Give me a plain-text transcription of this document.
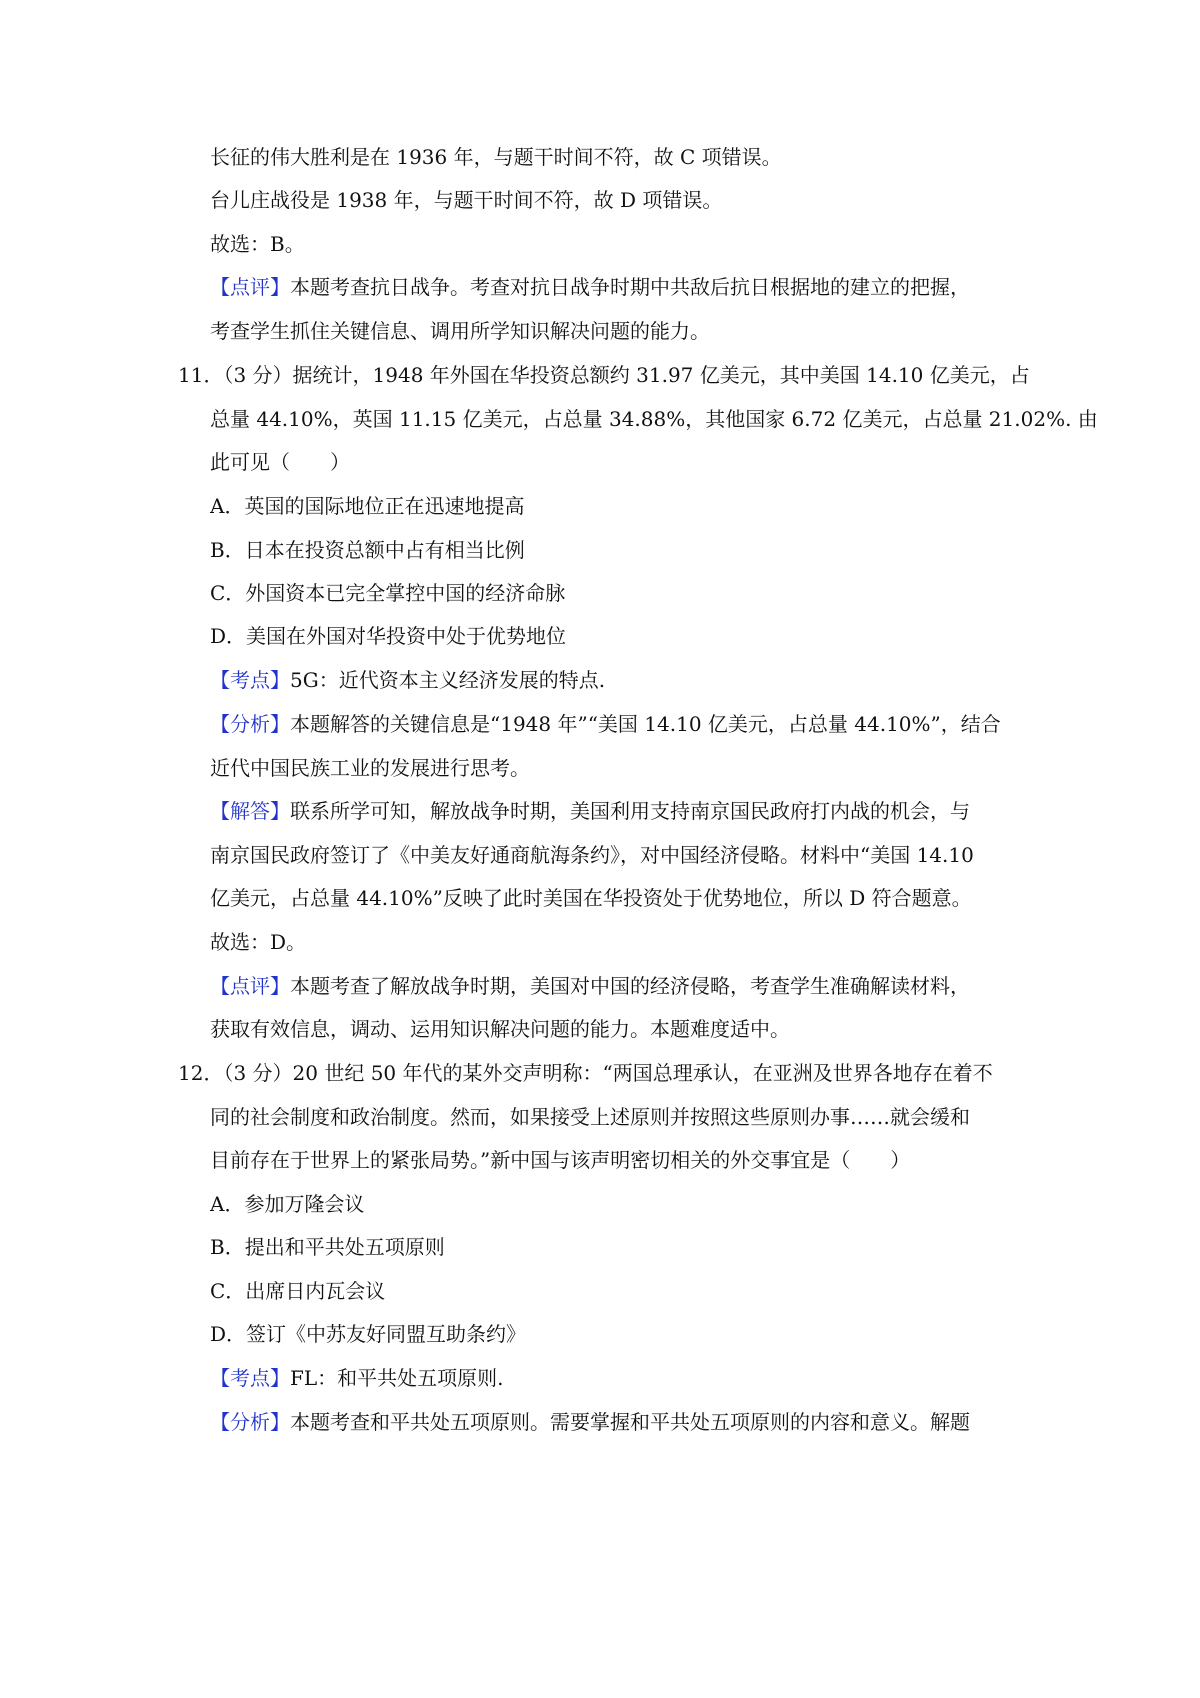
长征的伟大胜利是在 1936 年，与题干时间不符，故 C 项错误。
台儿庄战役是 1938 年，与题干时间不符，故 D 项错误。
故选：B。
【点评】本题考查抗日战争。考查对抗日战争时期中共敌后抗日根据地的建立的把握，
考查学生抓住关键信息、调用所学知识解决问题的能力。
11．（3 分）据统计，1948 年外国在华投资总额约 31.97 亿美元，其中美国 14.10 亿美元，占
总量 44.10%，英国 11.15 亿美元，占总量 34.88%，其他国家 6.72 亿美元，占总量 21.02%. 由
此可见（　　）
A．英国的国际地位正在迅速地提高
B．日本在投资总额中占有相当比例
C．外国资本已完全掌控中国的经济命脉
D．美国在外国对华投资中处于优势地位
【考点】5G：近代资本主义经济发展的特点.
【分析】本题解答的关键信息是“1948 年”“美国 14.10 亿美元，占总量 44.10%”，结合
近代中国民族工业的发展进行思考。
【解答】联系所学可知，解放战争时期，美国利用支持南京国民政府打内战的机会，与
南京国民政府签订了《中美友好通商航海条约》，对中国经济侵略。材料中“美国 14.10
亿美元，占总量 44.10%”反映了此时美国在华投资处于优势地位，所以 D 符合题意。
故选：D。
【点评】本题考查了解放战争时期，美国对中国的经济侵略，考查学生准确解读材料，
获取有效信息，调动、运用知识解决问题的能力。本题难度适中。
12．（3 分）20 世纪 50 年代的某外交声明称：“两国总理承认，在亚洲及世界各地存在着不
同的社会制度和政治制度。然而，如果接受上述原则并按照这些原则办事……就会缓和
目前存在于世界上的紧张局势。”新中国与该声明密切相关的外交事宜是（　　）
A．参加万隆会议
B．提出和平共处五项原则
C．出席日内瓦会议
D．签订《中苏友好同盟互助条约》
【考点】FL：和平共处五项原则.
【分析】本题考查和平共处五项原则。需要掌握和平共处五项原则的内容和意义。解题
